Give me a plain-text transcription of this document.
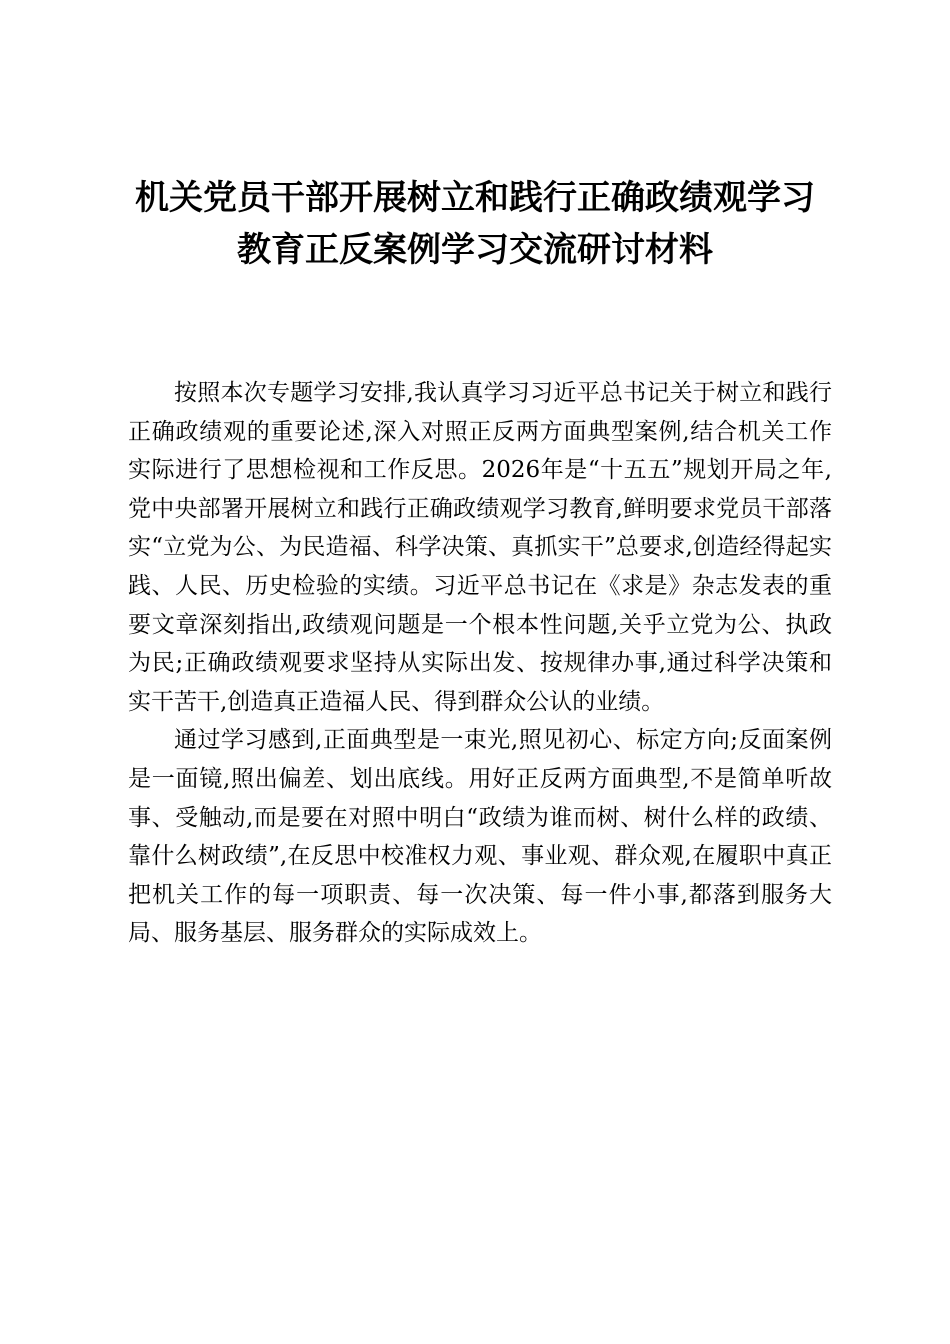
机关党员干部开展树立和践行正确政绩观学习
教育正反案例学习交流研讨材料

按照本次专题学习安排,我认真学习习近平总书记关于树立和践行正确政绩观的重要论述,深入对照正反两方面典型案例,结合机关工作实际进行了思想检视和工作反思。2026年是“十五五”规划开局之年,党中央部署开展树立和践行正确政绩观学习教育,鲜明要求党员干部落实“立党为公、为民造福、科学决策、真抓实干”总要求,创造经得起实践、人民、历史检验的实绩。习近平总书记在《求是》杂志发表的重要文章深刻指出,政绩观问题是一个根本性问题,关乎立党为公、执政为民;正确政绩观要求坚持从实际出发、按规律办事,通过科学决策和实干苦干,创造真正造福人民、得到群众公认的业绩。

通过学习感到,正面典型是一束光,照见初心、标定方向;反面案例是一面镜,照出偏差、划出底线。用好正反两方面典型,不是简单听故事、受触动,而是要在对照中明白“政绩为谁而树、树什么样的政绩、靠什么树政绩”,在反思中校准权力观、事业观、群众观,在履职中真正把机关工作的每一项职责、每一次决策、每一件小事,都落到服务大局、服务基层、服务群众的实际成效上。
